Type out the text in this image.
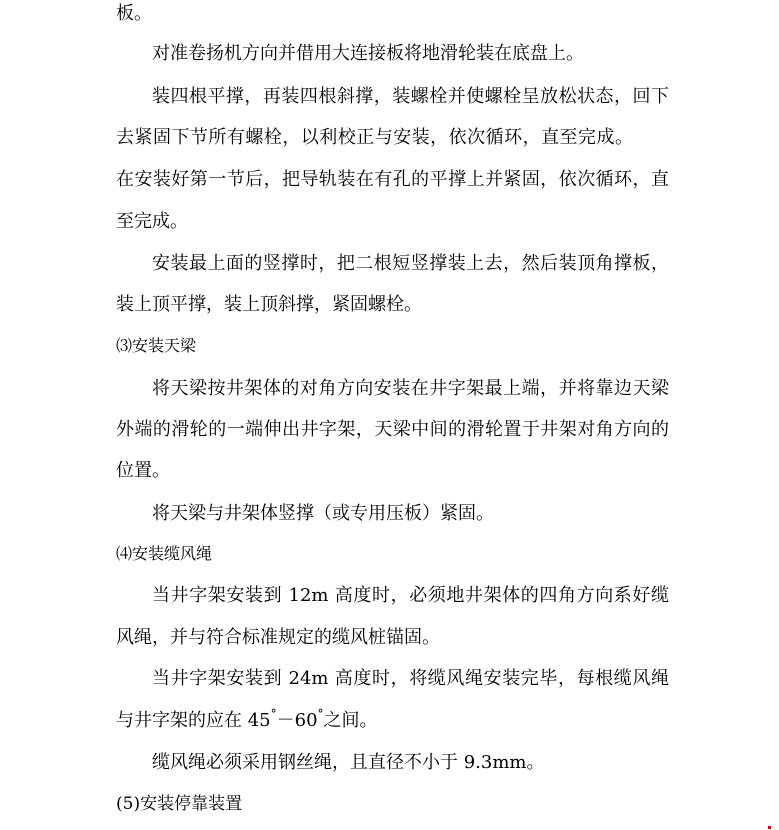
板。
对准卷扬机方向并借用大连接板将地滑轮装在底盘上。
装四根平撑，再装四根斜撑，装螺栓并使螺栓呈放松状态，回下
去紧固下节所有螺栓，以利校正与安装，依次循环，直至完成。
在安装好第一节后，把导轨装在有孔的平撑上并紧固，依次循环，直
至完成。
安装最上面的竖撑时，把二根短竖撑装上去，然后装顶角撑板，
装上顶平撑，装上顶斜撑，紧固螺栓。
⑶安装天梁
将天梁按井架体的对角方向安装在井字架最上端，并将靠边天梁
外端的滑轮的一端伸出井字架，天梁中间的滑轮置于井架对角方向的
位置。
将天梁与井架体竖撑（或专用压板）紧固。
⑷安装缆风绳
当井字架安装到 12m 高度时，必须地井架体的四角方向系好缆
风绳，并与符合标准规定的缆风桩锚固。
当井字架安装到 24m 高度时，将缆风绳安装完毕，每根缆风绳
与井字架的应在 45°－60°之间。
缆风绳必须采用钢丝绳，且直径不小于 9.3mm。
(5)安装停靠装置
